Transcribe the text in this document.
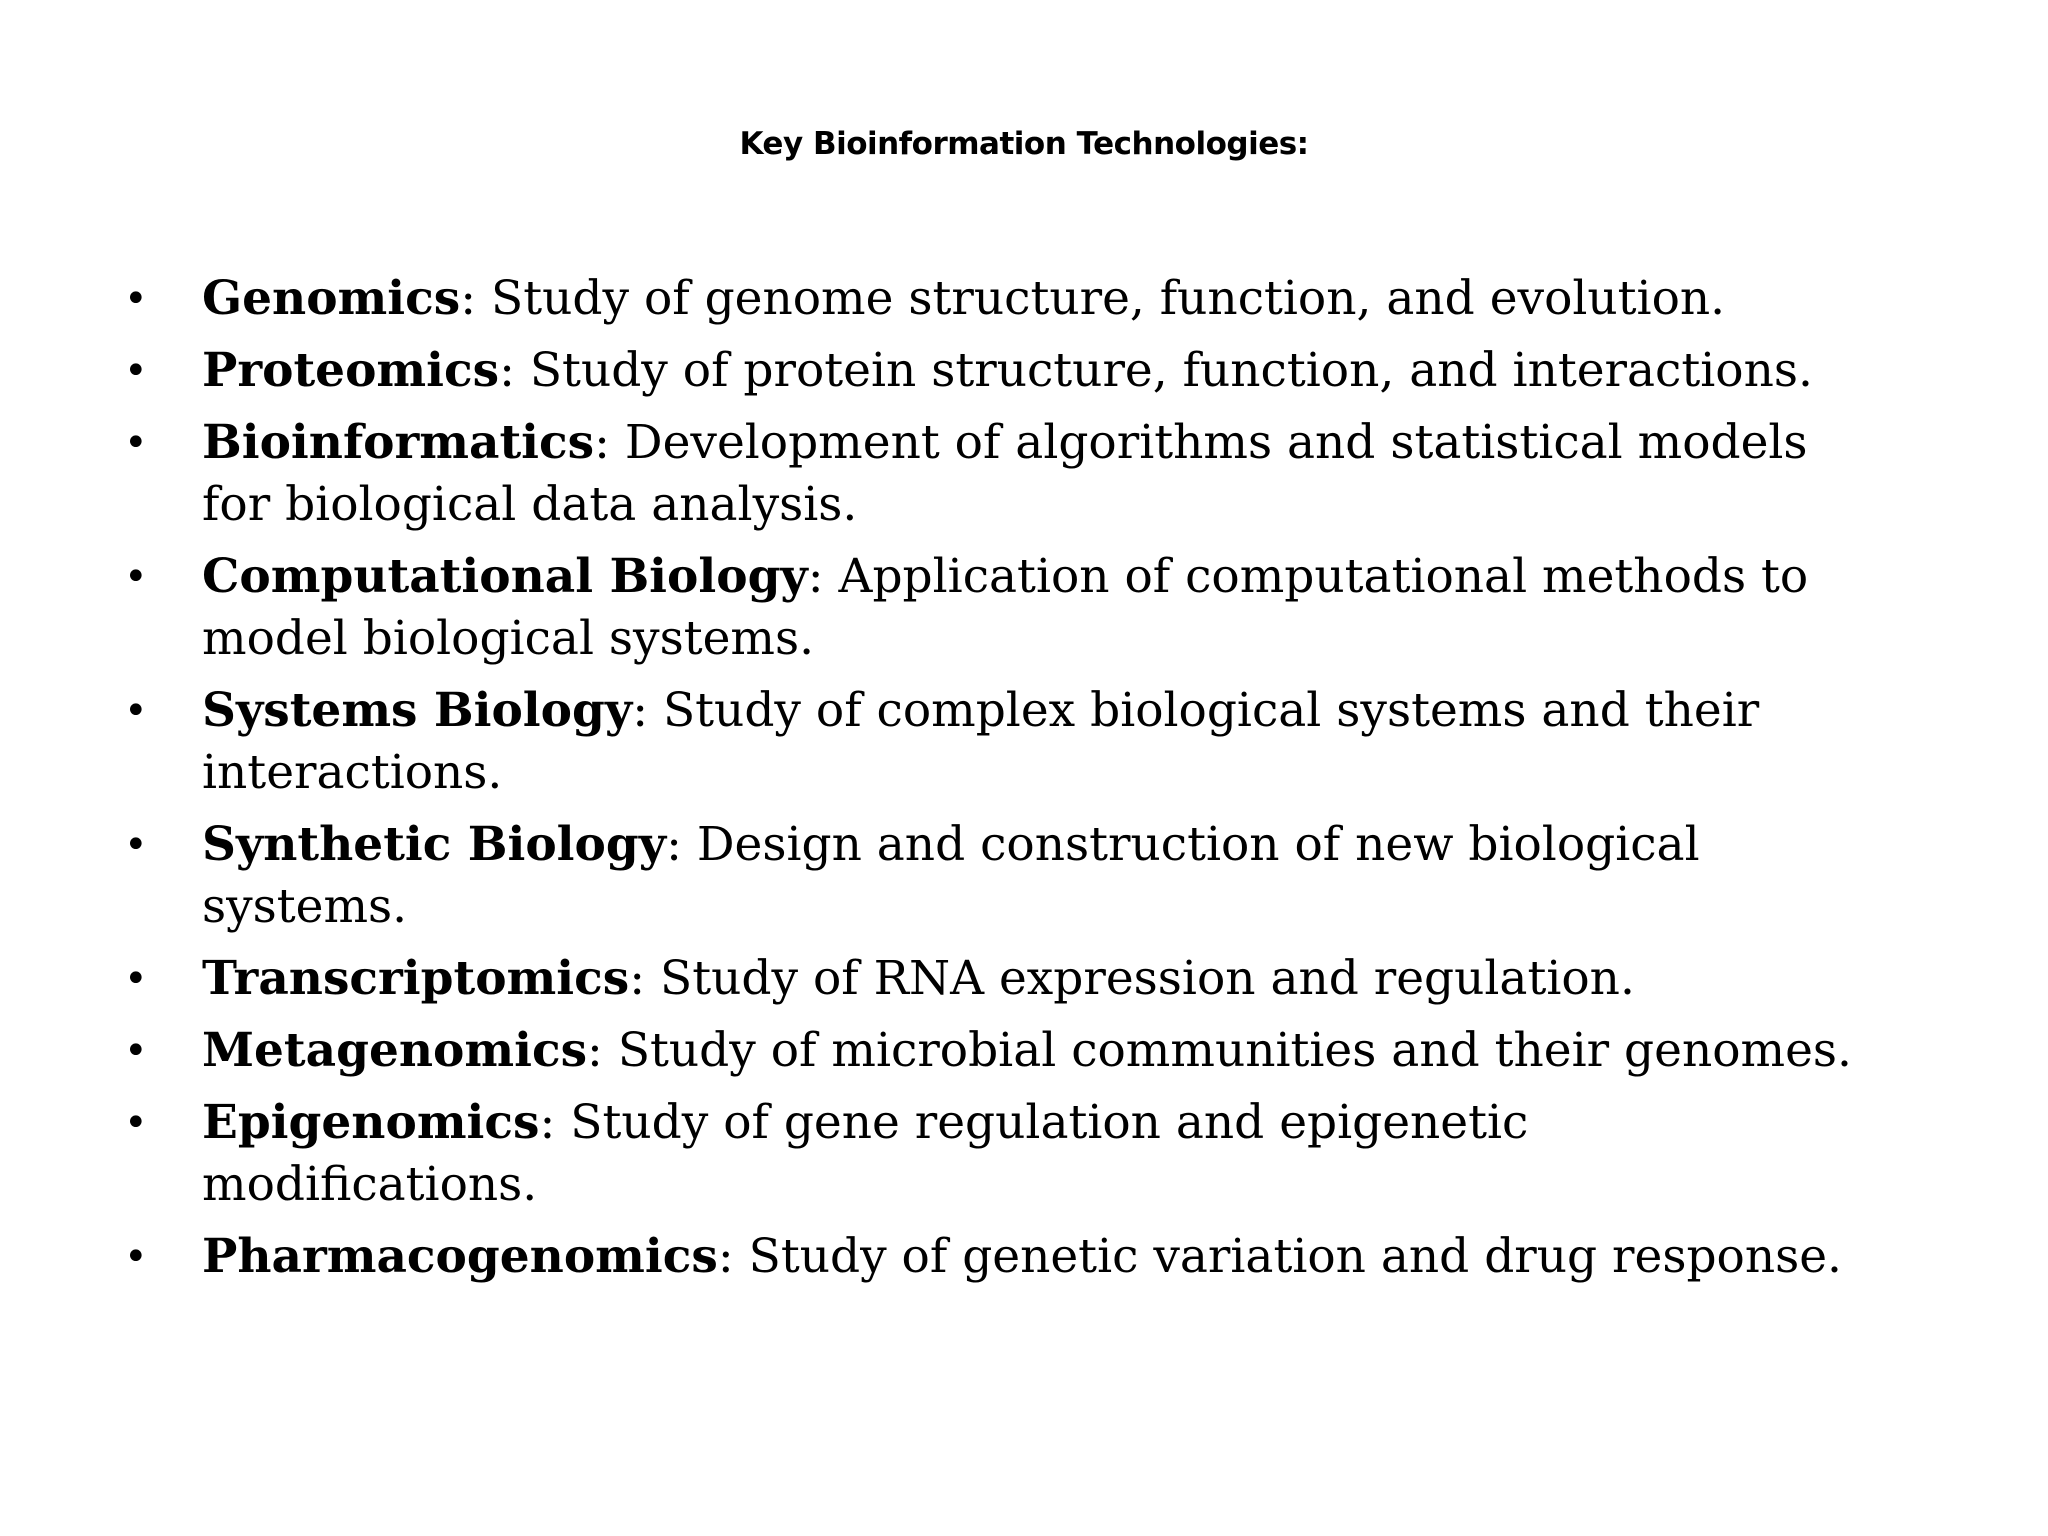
Key Bioinformation Technologies:
• Genomics: Study of genome structure, function, and evolution.
• Proteomics: Study of protein structure, function, and interactions.
• Bioinformatics: Development of algorithms and statistical models for biological data analysis.
• Computational Biology: Application of computational methods to model biological systems.
• Systems Biology: Study of complex biological systems and their interactions.
• Synthetic Biology: Design and construction of new biological systems.
• Transcriptomics: Study of RNA expression and regulation.
• Metagenomics: Study of microbial communities and their genomes.
• Epigenomics: Study of gene regulation and epigenetic modifications.
• Pharmacogenomics: Study of genetic variation and drug response.
